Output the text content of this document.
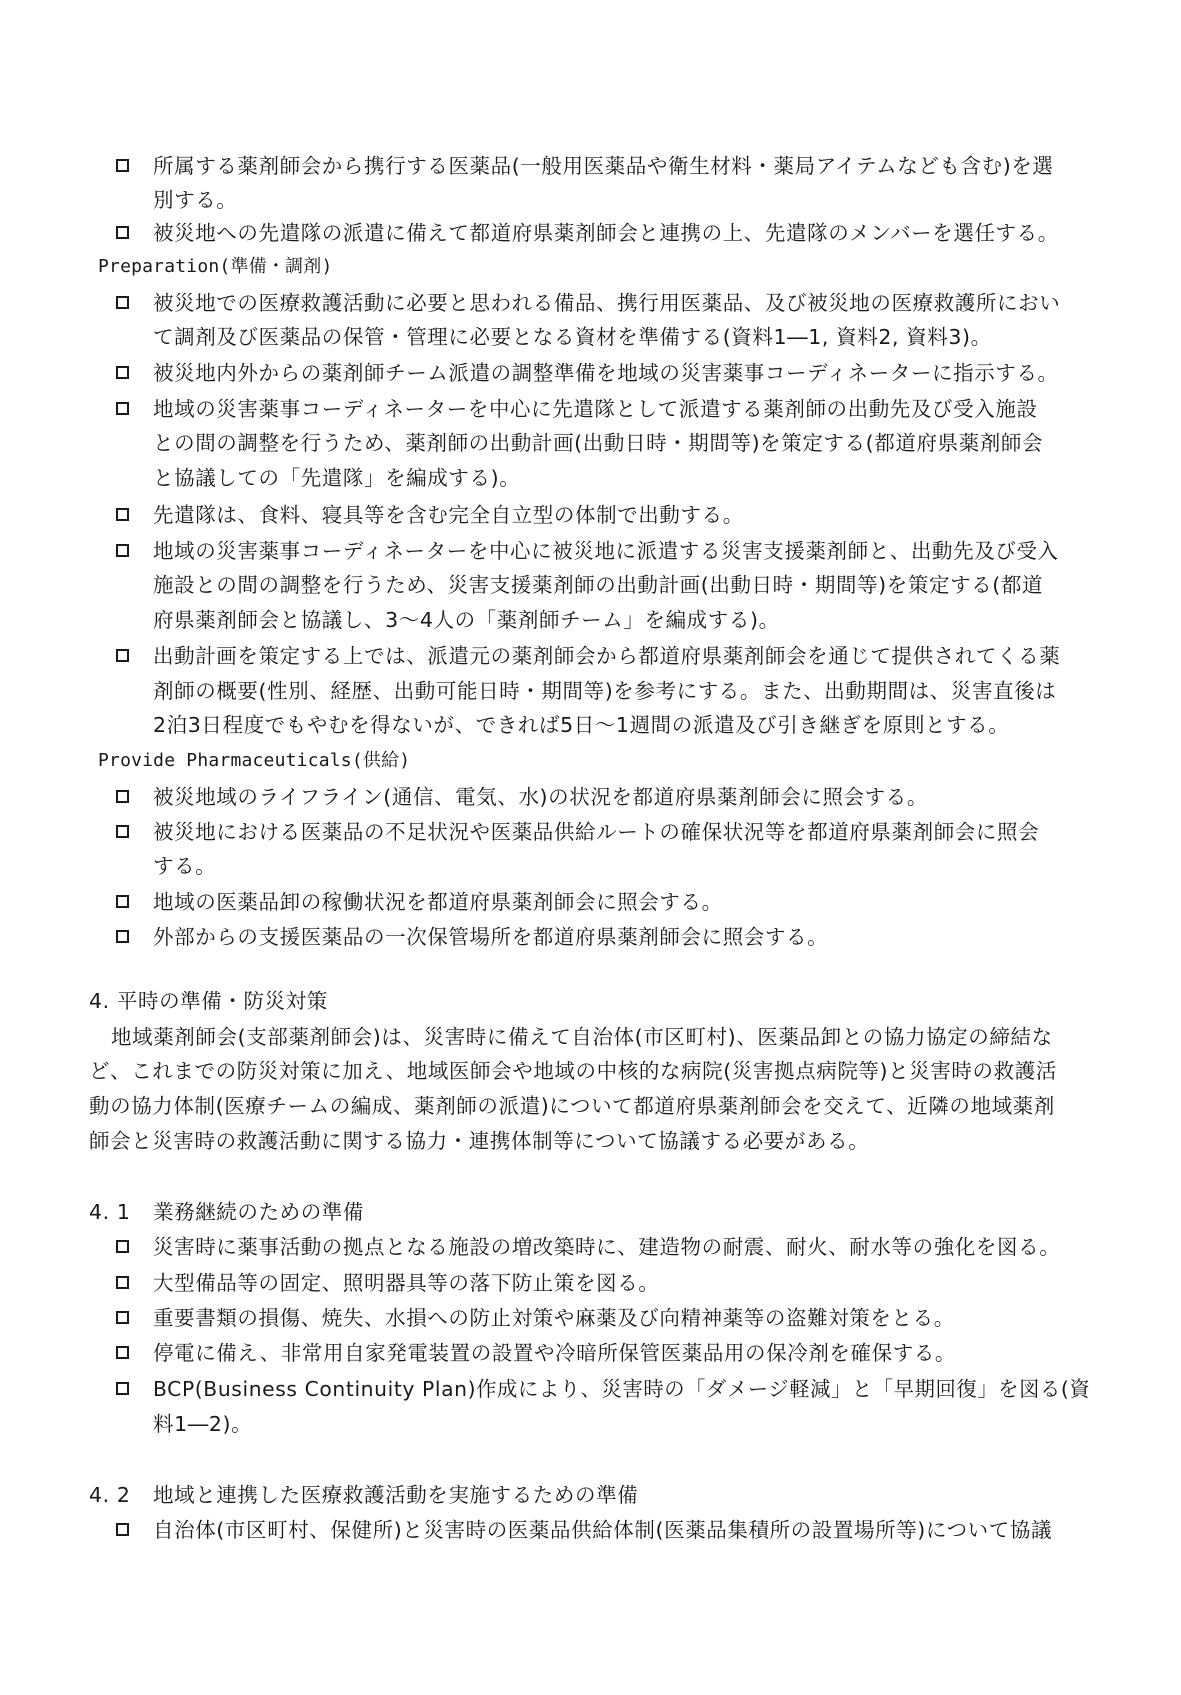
所属する薬剤師会から携行する医薬品(一般用医薬品や衛生材料・薬局アイテムなども含む)を選
別する。
被災地への先遣隊の派遣に備えて都道府県薬剤師会と連携の上、先遣隊のメンバーを選任する。
Preparation(準備・調剤)
被災地での医療救護活動に必要と思われる備品、携行用医薬品、及び被災地の医療救護所におい
て調剤及び医薬品の保管・管理に必要となる資材を準備する(資料1―1, 資料2, 資料3)。
被災地内外からの薬剤師チーム派遣の調整準備を地域の災害薬事コーディネーターに指示する。
地域の災害薬事コーディネーターを中心に先遣隊として派遣する薬剤師の出動先及び受入施設
との間の調整を行うため、薬剤師の出動計画(出動日時・期間等)を策定する(都道府県薬剤師会
と協議しての「先遣隊」を編成する)。
先遣隊は、食料、寝具等を含む完全自立型の体制で出動する。
地域の災害薬事コーディネーターを中心に被災地に派遣する災害支援薬剤師と、出動先及び受入
施設との間の調整を行うため、災害支援薬剤師の出動計画(出動日時・期間等)を策定する(都道
府県薬剤師会と協議し、3～4人の「薬剤師チーム」を編成する)。
出動計画を策定する上では、派遣元の薬剤師会から都道府県薬剤師会を通じて提供されてくる薬
剤師の概要(性別、経歴、出動可能日時・期間等)を参考にする。また、出動期間は、災害直後は
2泊3日程度でもやむを得ないが、できれば5日～1週間の派遣及び引き継ぎを原則とする。
Provide Pharmaceuticals(供給)
被災地域のライフライン(通信、電気、水)の状況を都道府県薬剤師会に照会する。
被災地における医薬品の不足状況や医薬品供給ルートの確保状況等を都道府県薬剤師会に照会
する。
地域の医薬品卸の稼働状況を都道府県薬剤師会に照会する。
外部からの支援医薬品の一次保管場所を都道府県薬剤師会に照会する。
4. 平時の準備・防災対策
地域薬剤師会(支部薬剤師会)は、災害時に備えて自治体(市区町村)、医薬品卸との協力協定の締結な
ど、これまでの防災対策に加え、地域医師会や地域の中核的な病院(災害拠点病院等)と災害時の救護活
動の協力体制(医療チームの編成、薬剤師の派遣)について都道府県薬剤師会を交えて、近隣の地域薬剤
師会と災害時の救護活動に関する協力・連携体制等について協議する必要がある。
4. 1 業務継続のための準備
災害時に薬事活動の拠点となる施設の増改築時に、建造物の耐震、耐火、耐水等の強化を図る。
大型備品等の固定、照明器具等の落下防止策を図る。
重要書類の損傷、焼失、水損への防止対策や麻薬及び向精神薬等の盗難対策をとる。
停電に備え、非常用自家発電装置の設置や冷暗所保管医薬品用の保冷剤を確保する。
BCP(Business Continuity Plan)作成により、災害時の「ダメージ軽減」と「早期回復」を図る(資
料1―2)。
4. 2 地域と連携した医療救護活動を実施するための準備
自治体(市区町村、保健所)と災害時の医薬品供給体制(医薬品集積所の設置場所等)について協議
